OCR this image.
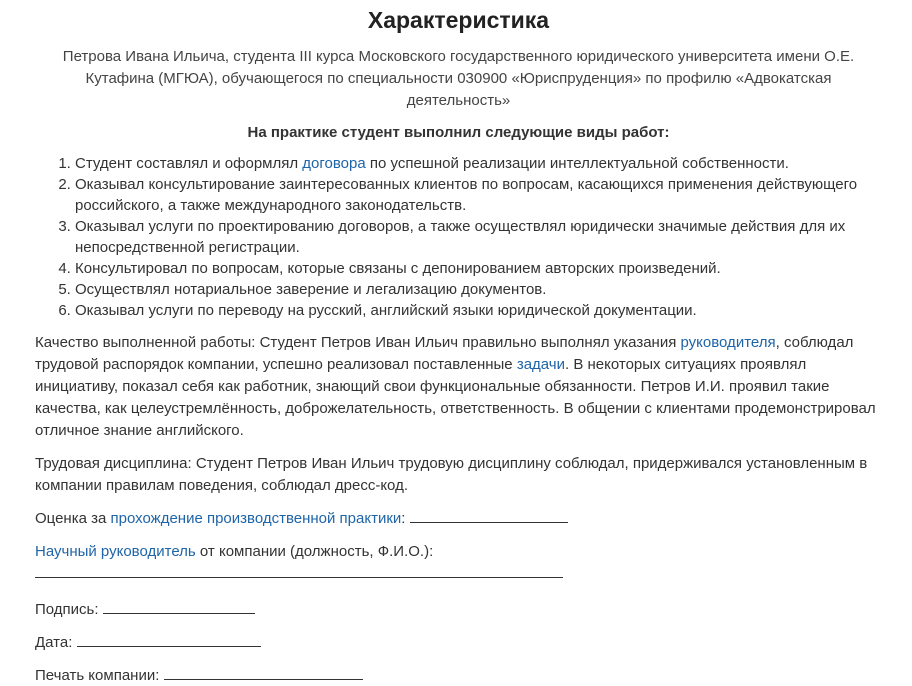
Характеристика
Петрова Ивана Ильича, студента III курса Московского государственного юридического университета имени О.Е. Кутафина (МГЮА), обучающегося по специальности 030900 «Юриспруденция» по профилю «Адвокатская деятельность»
На практике студент выполнил следующие виды работ:
1. Студент составлял и оформлял договора по успешной реализации интеллектуальной собственности.
2. Оказывал консультирование заинтересованных клиентов по вопросам, касающихся применения действующего российского, а также международного законодательств.
3. Оказывал услуги по проектированию договоров, а также осуществлял юридически значимые действия для их непосредственной регистрации.
4. Консультировал по вопросам, которые связаны с депонированием авторских произведений.
5. Осуществлял нотариальное заверение и легализацию документов.
6. Оказывал услуги по переводу на русский, английский языки юридической документации.

Качество выполненной работы: Студент Петров Иван Ильич правильно выполнял указания руководителя, соблюдал трудовой распорядок компании, успешно реализовал поставленные задачи. В некоторых ситуациях проявлял инициативу, показал себя как работник, знающий свои функциональные обязанности. Петров И.И. проявил такие качества, как целеустремлённость, доброжелательность, ответственность. В общении с клиентами продемонстрировал отличное знание английского.

Трудовая дисциплина: Студент Петров Иван Ильич трудовую дисциплину соблюдал, придерживался установленным в компании правилам поведения, соблюдал дресс-код.

Оценка за прохождение производственной практики:

Научный руководитель от компании (должность, Ф.И.О.):

Подпись:

Дата:

Печать компании:
